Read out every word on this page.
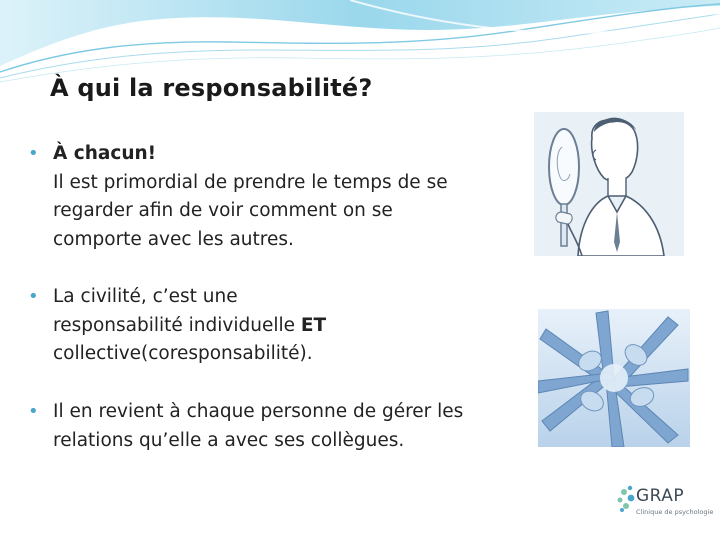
À qui la responsabilité?
• À chacun!
Il est primordial de prendre le temps de se
regarder afin de voir comment on se
comporte avec les autres.
• La civilité, c’est une
responsabilité individuelle ET
collective(coresponsabilité).
• Il en revient à chaque personne de gérer les
relations qu’elle a avec ses collègues.
GRAP
Clinique de psychologie
